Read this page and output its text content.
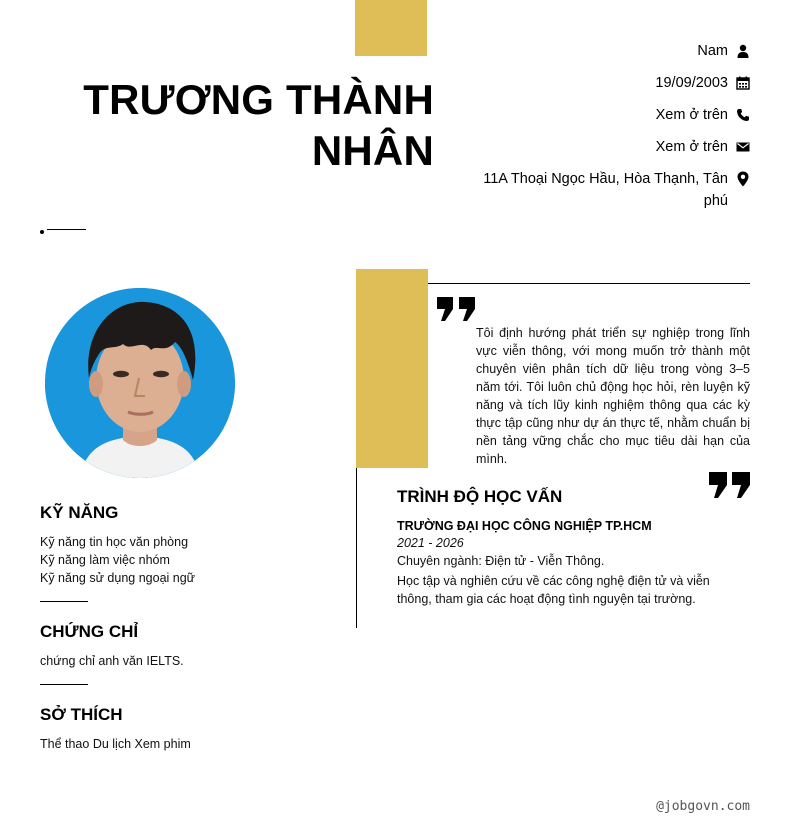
TRƯƠNG THÀNH
NHÂN
Nam
19/09/2003
Xem ở trên
Xem ở trên
11A Thoại Ngọc Hầu, Hòa Thạnh, Tân phú
KỸ NĂNG
Kỹ năng tin học văn phòng
Kỹ năng làm việc nhóm
Kỹ năng sử dụng ngoại ngữ
CHỨNG CHỈ
chứng chỉ anh văn IELTS.
SỞ THÍCH
Thể thao Du lịch Xem phim
Tôi định hướng phát triển sự nghiệp trong lĩnh vực viễn thông, với mong muốn trở thành một chuyên viên phân tích dữ liệu trong vòng 3–5 năm tới. Tôi luôn chủ động học hỏi, rèn luyện kỹ năng và tích lũy kinh nghiệm thông qua các kỳ thực tập cũng như dự án thực tế, nhằm chuẩn bị nền tảng vững chắc cho mục tiêu dài hạn của mình.
TRÌNH ĐỘ HỌC VẤN
TRƯỜNG ĐẠI HỌC CÔNG NGHIỆP TP.HCM
2021 - 2026
Chuyên ngành: Điện tử - Viễn Thông.
Học tập và nghiên cứu về các công nghệ điện tử và viễn thông, tham gia các hoạt động tình nguyện tại trường.
@jobgovn.com
